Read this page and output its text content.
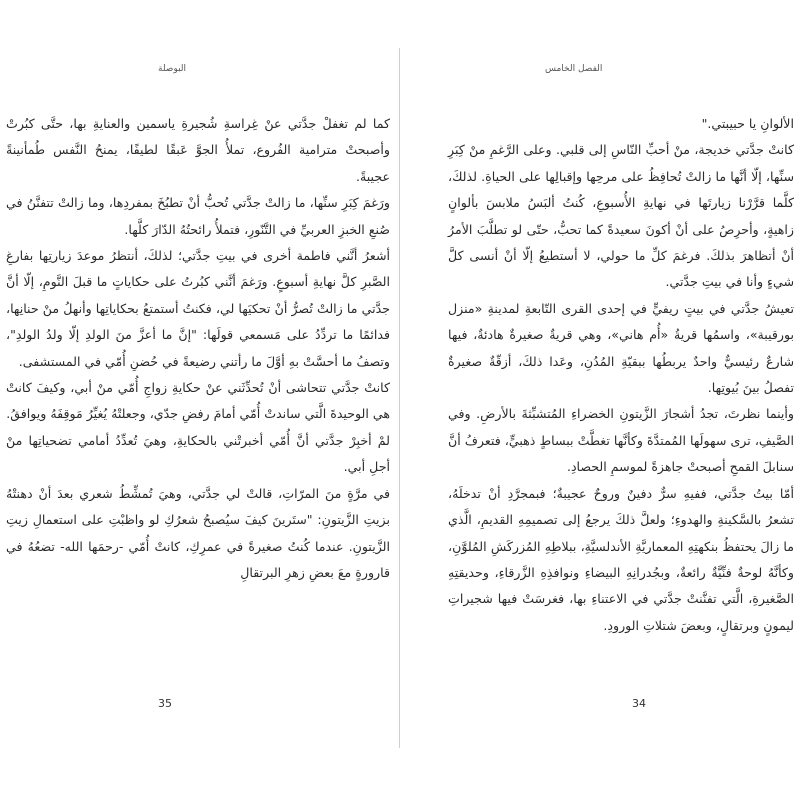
البوصلة

كما لم تغفلْ جدَّتي عنْ غِراسةِ شُجيرةِ ياسمين والعنايةِ بها، حتَّى كبُرتْ وأصبحتْ مترامية الفُروع، تملأُ الجوَّ عَبقًا لطيفًا، يمنحُ النَّفس طُمأنينةً عجيبةً.

ورَغمَ كِبَرِ سنِّها، ما زالتْ جدَّتي تُحبُّ أنْ تطبُخَ بمفردِها، وما زالتْ تتفنَّنُ في صُنعِ الخبزِ العربيِّ في التَّنّورِ، فتملأُ رائحتُهُ الدّارَ كلَّها.

أشعرُ أنَّني فاطمة أخرى في بيتِ جدَّتي؛ لذلكَ، أنتظرُ موعدَ زيارتِها بفارغِ الصَّبرِ كلَّ نهايةِ أسبوعٍ. ورَغمَ أنَّني كبُرتُ على حكاياتٍ ما قبلَ النَّومِ، إلّا أنَّ جدَّتي ما زالتْ تُصرُّ أنْ تحكيَها لي، فكنتُ أستمتعُ بحكاياتِها وأنهلُ منْ حنانِها، فدائمًا ما تردِّدُ على مَسمعي قولَها: "إنَّ ما أعزَّ منَ الولدِ إلّا ولدُ الولدِ"، وتصفُ ما أحسَّتْ بهِ أوَّلَ ما رأتني رضيعةً في حُضنِ أُمّي في المستشفى.

كانتْ جدَّتي تتحاشى أنْ تُحدِّثَني عنْ حكايةِ زواجِ أُمّي منْ أبي، وكيفَ كانتْ هي الوحيدةَ الَّتي ساندتْ أُمّي أمامَ رفضِ جدّي، وجعلتْهُ يُغيِّرُ مَوقِفَهُ ويوافقُ.

لمْ أخبِرْ جدَّتي أنَّ أُمّي أخبرتْني بالحكايةِ، وهيَ تُعدِّدُ أمامي تضحياتِها منْ أجلِ أبي.

في مرَّةٍ منَ المرّاتِ، قالتْ لي جدَّتي، وهيَ تُمشِّطُ شعري بعدَ أنْ دهنتْهُ بزيتِ الزَّيتونِ: "ستَرينَ كيفَ سيُصبحُ شعرُكِ لو واظبْتِ على استعمالِ زيتِ الزَّيتونِ. عندما كُنتُ صغيرةً في عمرِكِ، كانتْ أُمّي -رحمَها الله- تضعُهُ في قارورةٍ معَ بعضِ زهرِ البرتقالِ

35
الفصل الخامس

الألوانِ يا حبيبتي."

كانتْ جدَّتي خديجة، منْ أحبِّ النّاسِ إلى قلبي. وعلى الرَّغمِ منْ كِبَرِ سنِّها، إلّا أنَّها ما زالتْ تُحافِظُ على مرحِها وإقبالِها على الحياةِ. لذلكَ، كلَّما قرَّرْنا زيارتَها في نهايةِ الأُسبوعِ، كُنتُ ألبَسُ ملابسَ بألوانٍ زاهيةٍ، وأحرِصُ على أنْ أكونَ سعيدةً كما تحبُّ، حتّى لو تطلَّبَ الأمرُ أنْ أتظاهرَ بذلكَ. فرغمَ كلِّ ما حولي، لا أستطيعُ إلّا أنْ أنسى كلَّ شيءٍ وأنا في بيتِ جدَّتي.

تعيشُ جدَّتي في بيتٍ ريفيٍّ في إحدى القرى التّابعةِ لمدينةِ «منزل بورقيبة»، واسمُها قريةُ «أُم هاني»، وهي قريةٌ صغيرةٌ هادئةٌ، فيها شارعٌ رئيسيٌّ واحدٌ يربطُها ببقيّةِ المُدُنِ، وعَدا ذلكَ، أزقّةٌ صغيرةٌ تفصلُ بينَ بُيوتِها.

وأينما نظرتَ، تجدُ أشجارَ الزَّيتونِ الخضراءِ المُتشبِّثةَ بالأرضِ. وفي الصَّيفِ، ترى سهولَها المُمتدَّةَ وكأنَّها تغطَّتْ ببساطٍ ذهبيٍّ، فتعرفُ أنَّ سنابلَ القمحِ أصبحتْ جاهزةً لموسمِ الحصادِ.

أمّا بيتُ جدَّتي، ففيهِ سرٌّ دفينٌ وروحٌ عجيبةٌ؛ فبمجرَّدِ أنْ تدخلَهُ، تشعرُ بالسَّكينةِ والهدوءِ؛ ولعلَّ ذلكَ يرجعُ إلى تصميمِهِ القديمِ، الَّذي ما زالَ يحتفظُ بنكهتِهِ المعماريَّةِ الأندلسيَّةِ، ببلاطِهِ المُزركَشِ المُلوَّنِ، وكأنَّهُ لوحةٌ فنِّيَّةٌ رائعةٌ، وبجُدرانِهِ البيضاءِ ونوافذِهِ الزَّرقاءِ، وحديقتِهِ الصَّغيرةِ، الَّتي تفنَّنتْ جدَّتي في الاعتناءِ بها، فغرسَتْ فيها شجيراتِ ليمونٍ وبرتقالٍ، وبعضَ شتلاتِ الورودِ.

34
